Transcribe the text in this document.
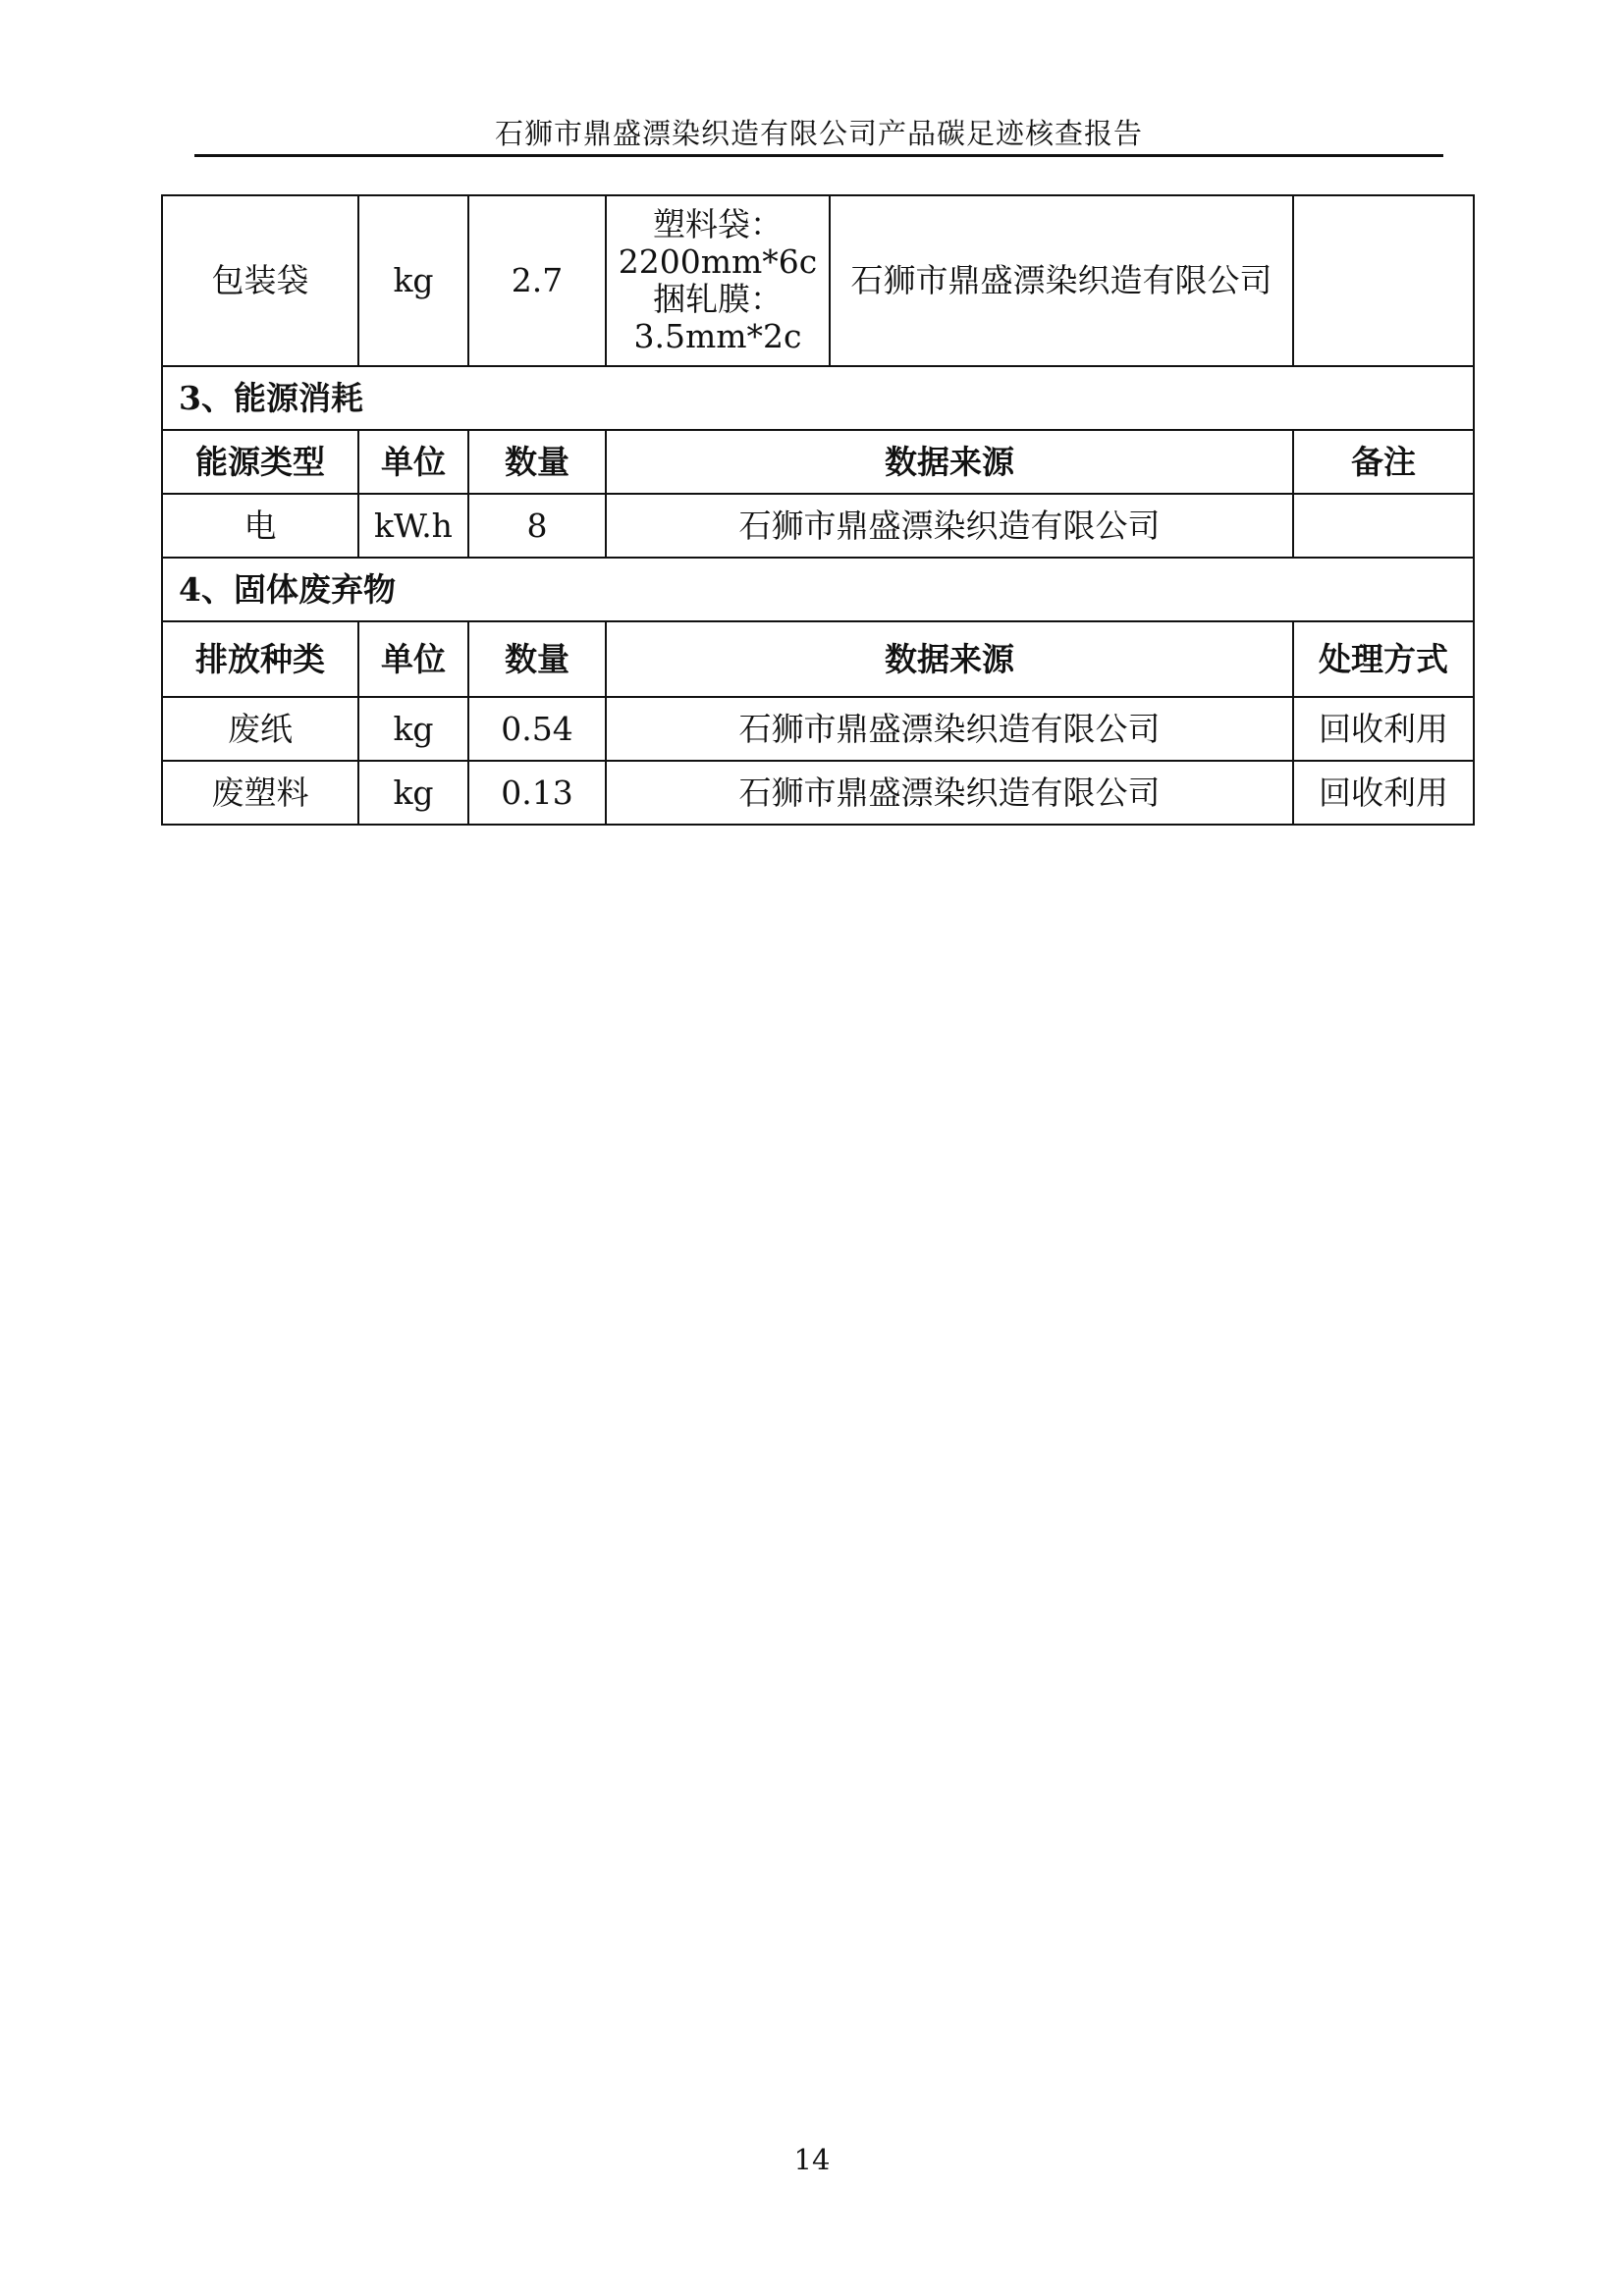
石狮市鼎盛漂染织造有限公司产品碳足迹核查报告
包装袋	kg	2.7	塑料袋：
2200mm*6c
捆轧膜：
3.5mm*2c	石狮市鼎盛漂染织造有限公司	
3、能源消耗					
能源类型	单位	数量	数据来源		备注
电	kW.h	8	石狮市鼎盛漂染织造有限公司		
4、固体废弃物					
排放种类	单位	数量	数据来源		处理方式
废纸	kg	0.54	石狮市鼎盛漂染织造有限公司		回收利用
废塑料	kg	0.13	石狮市鼎盛漂染织造有限公司		回收利用
14
